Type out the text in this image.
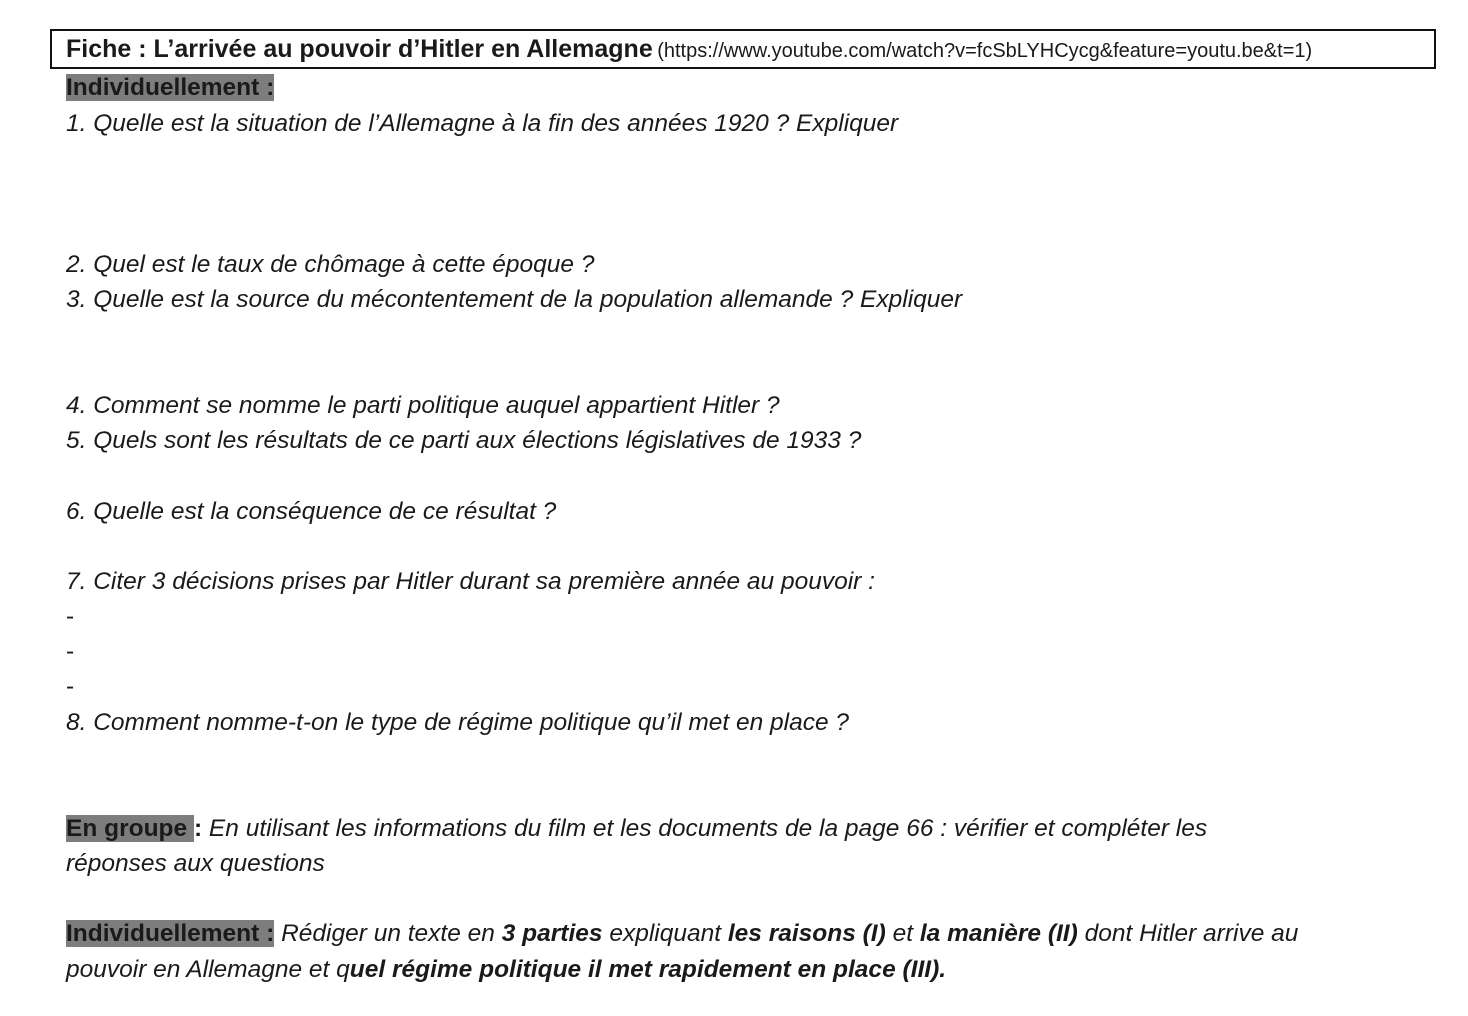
Fiche : L’arrivée au pouvoir d’Hitler en Allemagne (https://www.youtube.com/watch?v=fcSbLYHCycg&feature=youtu.be&t=1)
Individuellement :
1. Quelle est la situation de l’Allemagne à la fin des années 1920 ? Expliquer
2. Quel est le taux de chômage à cette époque ?
3. Quelle est la source du mécontentement de la population allemande ? Expliquer
4. Comment se nomme le parti politique auquel appartient Hitler ?
5. Quels sont les résultats de ce parti aux élections législatives de 1933 ?
6. Quelle est la conséquence de ce résultat ?
7. Citer 3 décisions prises par Hitler durant sa première année au pouvoir :
-
-
-
8. Comment nomme-t-on le type de régime politique qu’il met en place ?
En groupe : En utilisant les informations du film et les documents de la page 66 : vérifier et compléter les
réponses aux questions
Individuellement : Rédiger un texte en 3 parties expliquant les raisons (I) et la manière (II) dont Hitler arrive au
pouvoir en Allemagne et quel régime politique il met rapidement en place (III).
